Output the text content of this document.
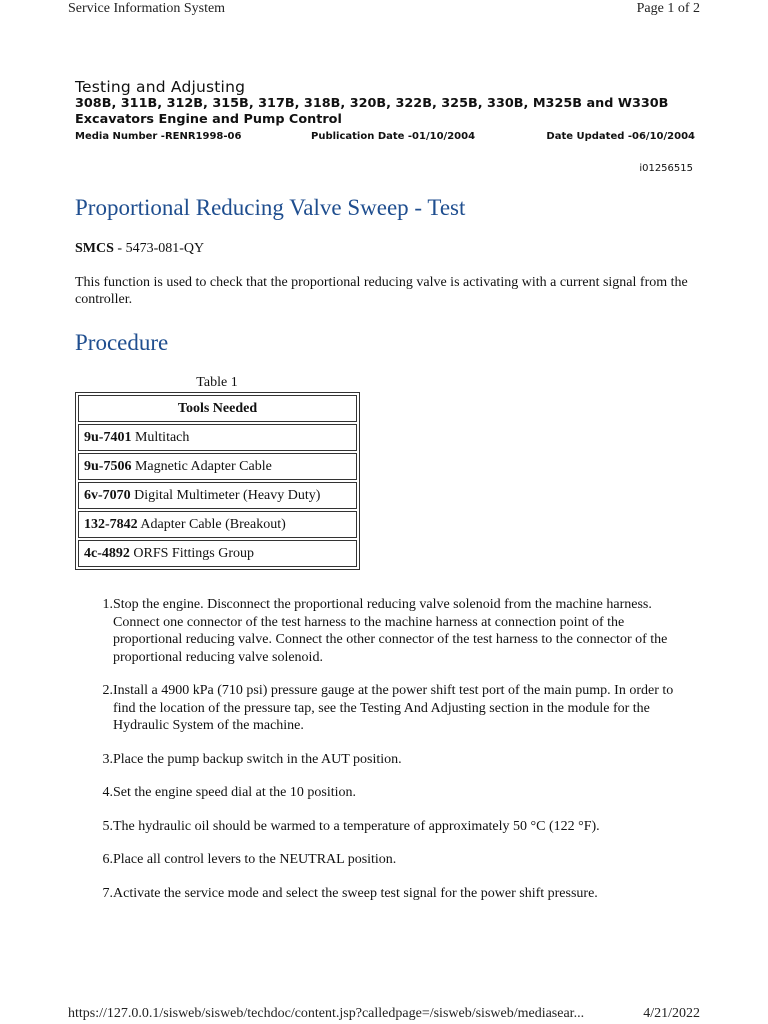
Service Information System	Page 1 of 2
Testing and Adjusting
308B, 311B, 312B, 315B, 317B, 318B, 320B, 322B, 325B, 330B, M325B and W330B
Excavators Engine and Pump Control
Media Number -RENR1998-06	Publication Date -01/10/2004	Date Updated -06/10/2004
i01256515
Proportional Reducing Valve Sweep - Test
SMCS - 5473-081-QY
This function is used to check that the proportional reducing valve is activating with a current signal from the controller.
Procedure
Table 1
Tools Needed
9u-7401 Multitach
9u-7506 Magnetic Adapter Cable
6v-7070 Digital Multimeter (Heavy Duty)
132-7842 Adapter Cable (Breakout)
4c-4892 ORFS Fittings Group
1. Stop the engine. Disconnect the proportional reducing valve solenoid from the machine harness. Connect one connector of the test harness to the machine harness at connection point of the proportional reducing valve. Connect the other connector of the test harness to the connector of the proportional reducing valve solenoid.
2. Install a 4900 kPa (710 psi) pressure gauge at the power shift test port of the main pump. In order to find the location of the pressure tap, see the Testing And Adjusting section in the module for the Hydraulic System of the machine.
3. Place the pump backup switch in the AUT position.
4. Set the engine speed dial at the 10 position.
5. The hydraulic oil should be warmed to a temperature of approximately 50 °C (122 °F).
6. Place all control levers to the NEUTRAL position.
7. Activate the service mode and select the sweep test signal for the power shift pressure.
https://127.0.0.1/sisweb/sisweb/techdoc/content.jsp?calledpage=/sisweb/sisweb/mediasear...	4/21/2022
